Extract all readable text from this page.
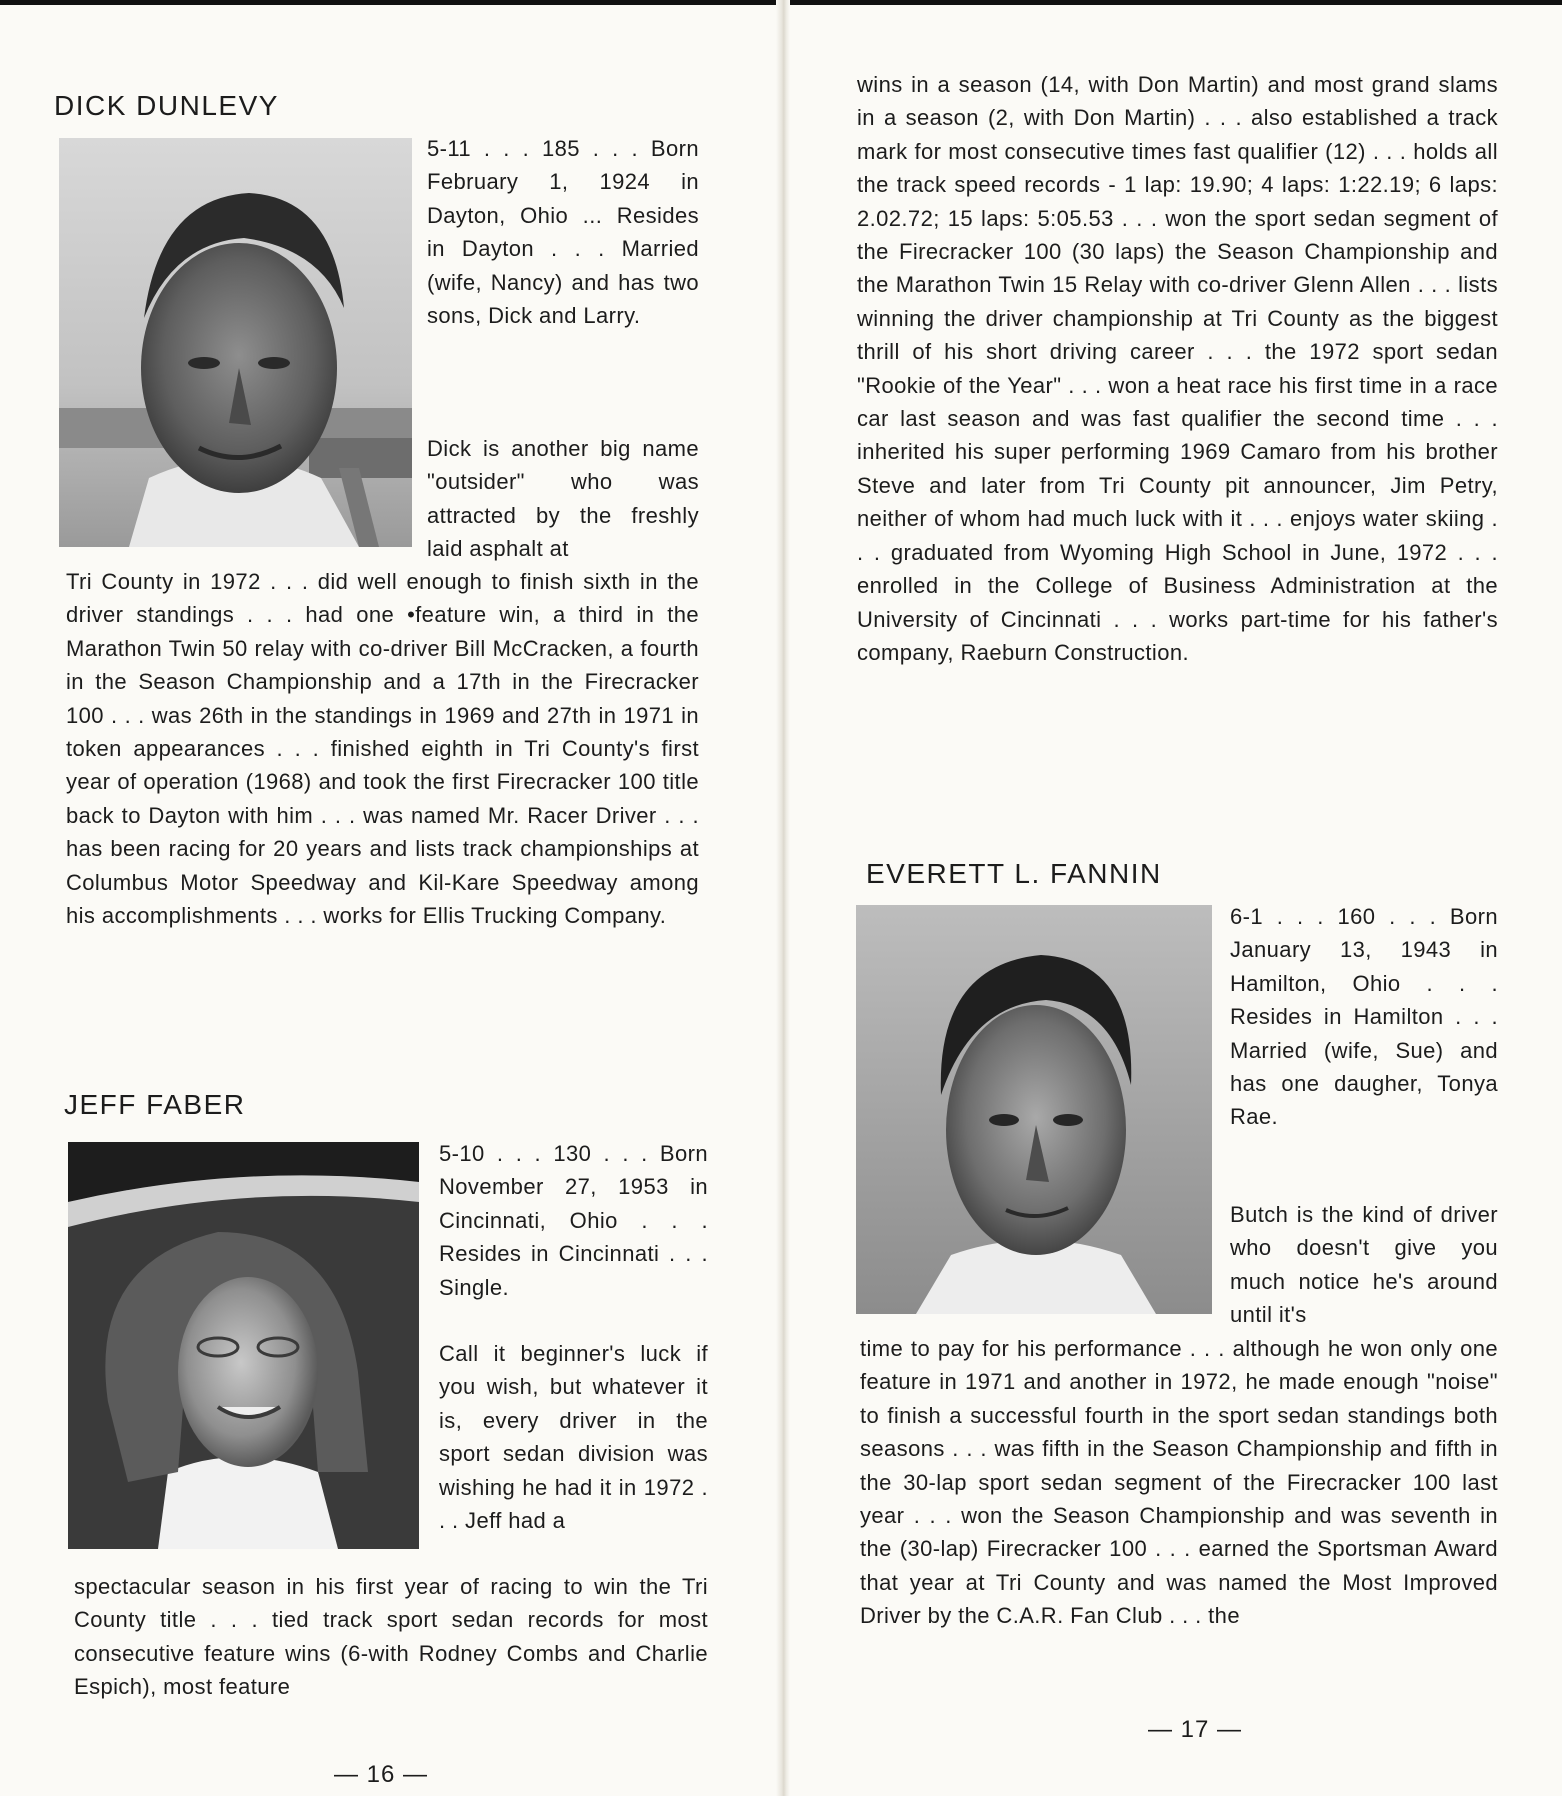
DICK DUNLEVY

5-11 . . . 185 . . . Born February 1, 1924 in Dayton, Ohio ... Resides in Dayton . . . Married (wife, Nancy) and has two sons, Dick and Larry.

Dick is another big name "outsider" who was attracted by the freshly laid asphalt at

Tri County in 1972 . . . did well enough to finish sixth in the driver standings . . . had one •feature win, a third in the Marathon Twin 50 relay with co-driver Bill McCracken, a fourth in the Season Championship and a 17th in the Firecracker 100 . . . was 26th in the standings in 1969 and 27th in 1971 in token appearances . . . finished eighth in Tri County's first year of operation (1968) and took the first Firecracker 100 title back to Dayton with him . . . was named Mr. Racer Driver . . . has been racing for 20 years and lists track championships at Columbus Motor Speedway and Kil-Kare Speedway among his accomplishments . . . works for Ellis Trucking Company.

JEFF FABER

5-10 . . . 130 . . . Born November 27, 1953 in Cincinnati, Ohio . . . Resides in Cincinnati . . . Single.

Call it beginner's luck if you wish, but whatever it is, every driver in the sport sedan division was wishing he had it in 1972 . . . Jeff had a

spectacular season in his first year of racing to win the Tri County title . . . tied track sport sedan records for most consecutive feature wins (6-with Rodney Combs and Charlie Espich), most feature

— 16 —

wins in a season (14, with Don Martin) and most grand slams in a season (2, with Don Martin) . . . also established a track mark for most consecutive times fast qualifier (12) . . . holds all the track speed records - 1 lap: 19.90; 4 laps: 1:22.19; 6 laps: 2.02.72; 15 laps: 5:05.53 . . . won the sport sedan segment of the Firecracker 100 (30 laps) the Season Championship and the Marathon Twin 15 Relay with co-driver Glenn Allen . . . lists winning the driver championship at Tri County as the biggest thrill of his short driving career . . . the 1972 sport sedan "Rookie of the Year" . . . won a heat race his first time in a race car last season and was fast qualifier the second time . . . inherited his super performing 1969 Camaro from his brother Steve and later from Tri County pit announcer, Jim Petry, neither of whom had much luck with it . . . enjoys water skiing . . . graduated from Wyoming High School in June, 1972 . . . enrolled in the College of Business Administration at the University of Cincinnati . . . works part-time for his father's company, Raeburn Construction.

EVERETT L. FANNIN

6-1 . . . 160 . . . Born January 13, 1943 in Hamilton, Ohio . . . Resides in Hamilton . . . Married (wife, Sue) and has one daugher, Tonya Rae.

Butch is the kind of driver who doesn't give you much notice he's around until it's

time to pay for his performance . . . although he won only one feature in 1971 and another in 1972, he made enough "noise" to finish a successful fourth in the sport sedan standings both seasons . . . was fifth in the Season Championship and fifth in the 30-lap sport sedan segment of the Firecracker 100 last year . . . won the Season Championship and was seventh in the (30-lap) Firecracker 100 . . . earned the Sportsman Award that year at Tri County and was named the Most Improved Driver by the C.A.R. Fan Club . . . the

— 17 —
